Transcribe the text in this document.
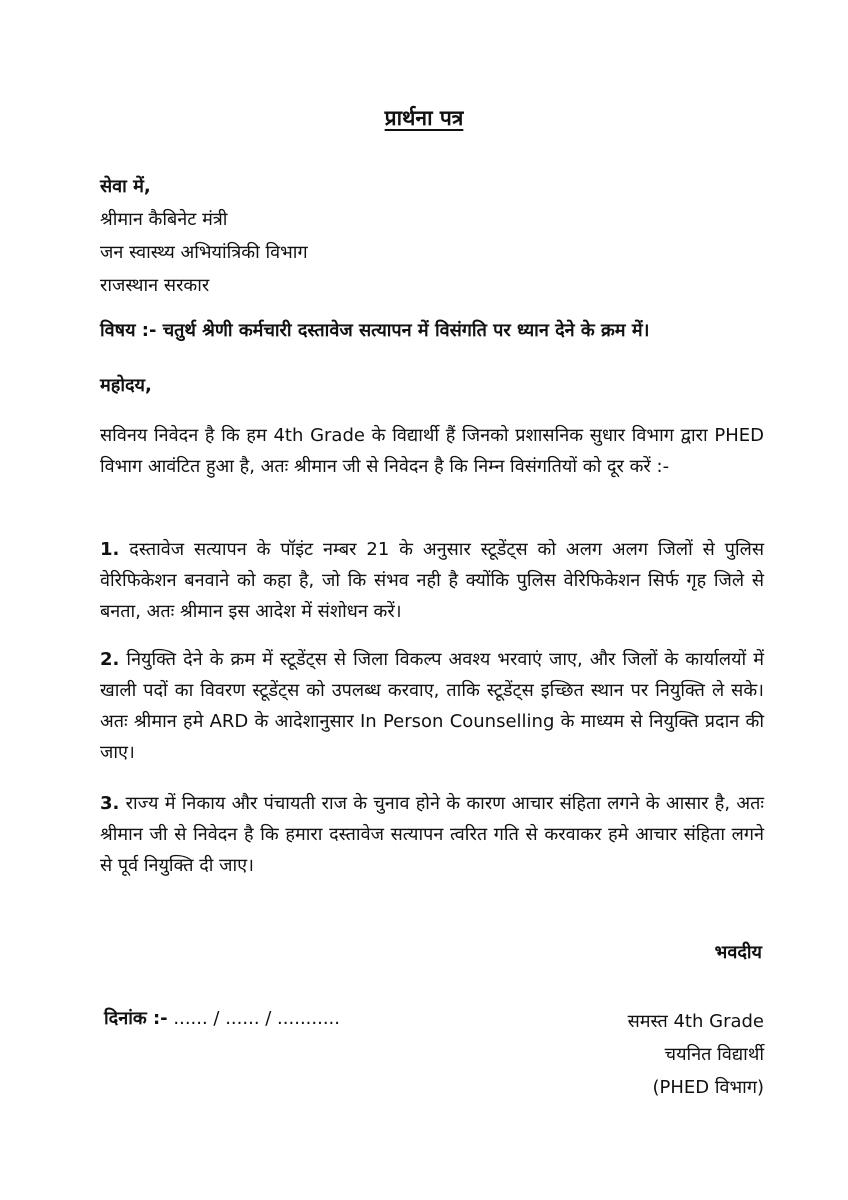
प्रार्थना पत्र
सेवा में,
श्रीमान कैबिनेट मंत्री
जन स्वास्थ्य अभियांत्रिकी विभाग
राजस्थान सरकार
विषय :- चतुर्थ श्रेणी कर्मचारी दस्तावेज सत्यापन में विसंगति पर ध्यान देने के क्रम में।
महोदय,
सविनय निवेदन है कि हम 4th Grade के विद्यार्थी हैं जिनको प्रशासनिक सुधार विभाग द्वारा PHED विभाग आवंटित हुआ है, अतः श्रीमान जी से निवेदन है कि निम्न विसंगतियों को दूर करें :-
1. दस्तावेज सत्यापन के पॉइंट नम्बर 21 के अनुसार स्टूडेंट्स को अलग अलग जिलों से पुलिस वेरिफिकेशन बनवाने को कहा है, जो कि संभव नही है क्योंकि पुलिस वेरिफिकेशन सिर्फ गृह जिले से बनता, अतः श्रीमान इस आदेश में संशोधन करें।
2. नियुक्ति देने के क्रम में स्टूडेंट्स से जिला विकल्प अवश्य भरवाएं जाए, और जिलों के कार्यालयों में खाली पदों का विवरण स्टूडेंट्स को उपलब्ध करवाए, ताकि स्टूडेंट्स इच्छित स्थान पर नियुक्ति ले सके। अतः श्रीमान हमे ARD के आदेशानुसार In Person Counselling के माध्यम से नियुक्ति प्रदान की जाए।
3. राज्य में निकाय और पंचायती राज के चुनाव होने के कारण आचार संहिता लगने के आसार है, अतः श्रीमान जी से निवेदन है कि हमारा दस्तावेज सत्यापन त्वरित गति से करवाकर हमे आचार संहिता लगने से पूर्व नियुक्ति दी जाए।
भवदीय
दिनांक :- ...... / ...... / ...........	समस्त 4th Grade
चयनित विद्यार्थी
(PHED विभाग)
